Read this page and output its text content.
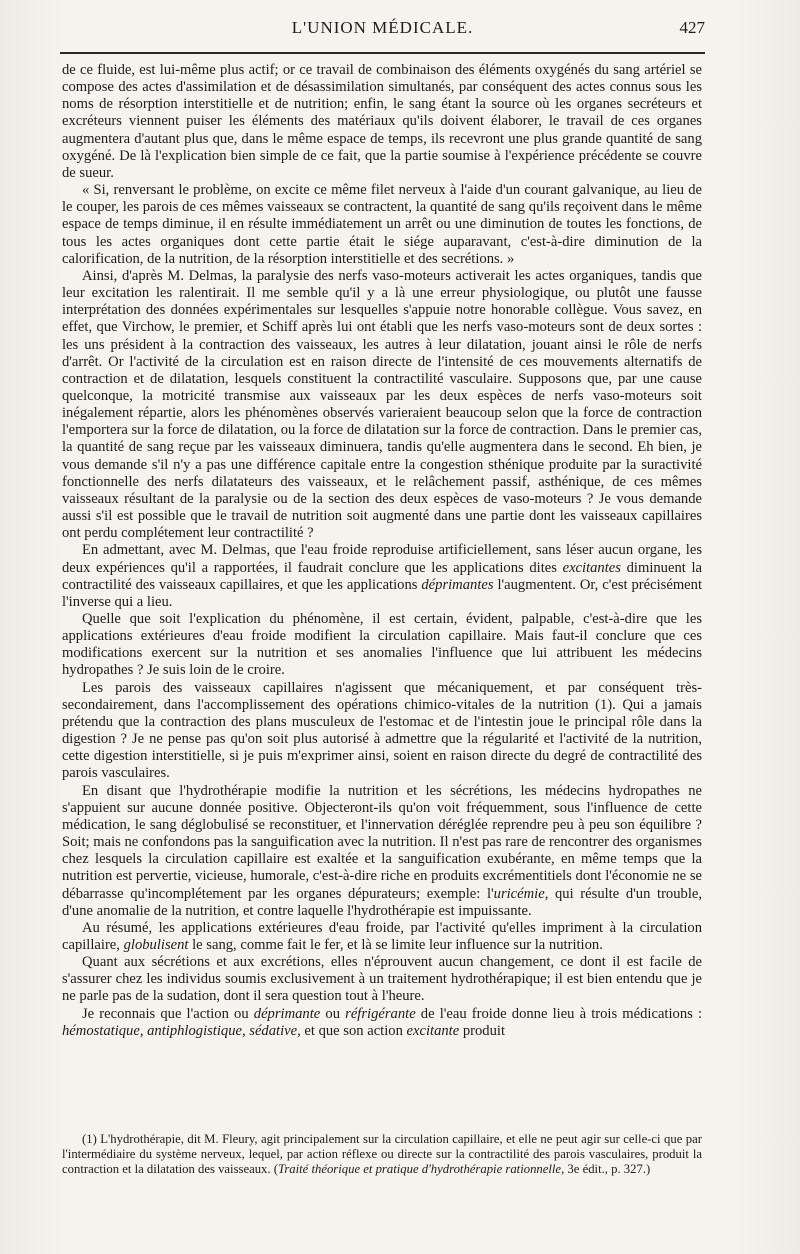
L'UNION MÉDICALE.	427

de ce fluide, est lui-même plus actif; or ce travail de combinaison des éléments oxygénés du sang artériel se compose des actes d'assimilation et de désassimilation simultanés, par conséquent des actes connus sous les noms de résorption interstitielle et de nutrition; enfin, le sang étant la source où les organes secréteurs et excréteurs viennent puiser les éléments des matériaux qu'ils doivent élaborer, le travail de ces organes augmentera d'autant plus que, dans le même espace de temps, ils recevront une plus grande quantité de sang oxygéné. De là l'explication bien simple de ce fait, que la partie soumise à l'expérience précédente se couvre de sueur.

« Si, renversant le problème, on excite ce même filet nerveux à l'aide d'un courant galvanique, au lieu de le couper, les parois de ces mêmes vaisseaux se contractent, la quantité de sang qu'ils reçoivent dans le même espace de temps diminue, il en résulte immédiatement un arrêt ou une diminution de toutes les fonctions, de tous les actes organiques dont cette partie était le siége auparavant, c'est-à-dire diminution de la calorification, de la nutrition, de la résorption interstitielle et des secrétions. »

Ainsi, d'après M. Delmas, la paralysie des nerfs vaso-moteurs activerait les actes organiques, tandis que leur excitation les ralentirait. Il me semble qu'il y a là une erreur physiologique, ou plutôt une fausse interprétation des données expérimentales sur lesquelles s'appuie notre honorable collègue. Vous savez, en effet, que Virchow, le premier, et Schiff après lui ont établi que les nerfs vaso-moteurs sont de deux sortes : les uns président à la contraction des vaisseaux, les autres à leur dilatation, jouant ainsi le rôle de nerfs d'arrêt. Or l'activité de la circulation est en raison directe de l'intensité de ces mouvements alternatifs de contraction et de dilatation, lesquels constituent la contractilité vasculaire. Supposons que, par une cause quelconque, la motricité transmise aux vaisseaux par les deux espèces de nerfs vaso-moteurs soit inégalement répartie, alors les phénomènes observés varieraient beaucoup selon que la force de contraction l'emportera sur la force de dilatation, ou la force de dilatation sur la force de contraction. Dans le premier cas, la quantité de sang reçue par les vaisseaux diminuera, tandis qu'elle augmentera dans le second. Eh bien, je vous demande s'il n'y a pas une différence capitale entre la congestion sthénique produite par la suractivité fonctionnelle des nerfs dilatateurs des vaisseaux, et le relâchement passif, asthénique, de ces mêmes vaisseaux résultant de la paralysie ou de la section des deux espèces de vaso-moteurs ? Je vous demande aussi s'il est possible que le travail de nutrition soit augmenté dans une partie dont les vaisseaux capillaires ont perdu complétement leur contractilité ?

En admettant, avec M. Delmas, que l'eau froide reproduise artificiellement, sans léser aucun organe, les deux expériences qu'il a rapportées, il faudrait conclure que les applications dites excitantes diminuent la contractilité des vaisseaux capillaires, et que les applications déprimantes l'augmentent. Or, c'est précisément l'inverse qui a lieu.

Quelle que soit l'explication du phénomène, il est certain, évident, palpable, c'est-à-dire que les applications extérieures d'eau froide modifient la circulation capillaire. Mais faut-il conclure que ces modifications exercent sur la nutrition et ses anomalies l'influence que lui attribuent les médecins hydropathes ? Je suis loin de le croire.

Les parois des vaisseaux capillaires n'agissent que mécaniquement, et par conséquent très-secondairement, dans l'accomplissement des opérations chimico-vitales de la nutrition (1). Qui a jamais prétendu que la contraction des plans musculeux de l'estomac et de l'intestin joue le principal rôle dans la digestion ? Je ne pense pas qu'on soit plus autorisé à admettre que la régularité et l'activité de la nutrition, cette digestion interstitielle, si je puis m'exprimer ainsi, soient en raison directe du degré de contractilité des parois vasculaires.

En disant que l'hydrothérapie modifie la nutrition et les sécrétions, les médecins hydropathes ne s'appuient sur aucune donnée positive. Objecteront-ils qu'on voit fréquemment, sous l'influence de cette médication, le sang déglobulisé se reconstituer, et l'innervation déréglée reprendre peu à peu son équilibre ? Soit; mais ne confondons pas la sanguification avec la nutrition. Il n'est pas rare de rencontrer des organismes chez lesquels la circulation capillaire est exaltée et la sanguification exubérante, en même temps que la nutrition est pervertie, vicieuse, humorale, c'est-à-dire riche en produits excrémentitiels dont l'économie ne se débarrasse qu'incomplétement par les organes dépurateurs; exemple: l'uricémie, qui résulte d'un trouble, d'une anomalie de la nutrition, et contre laquelle l'hydrothérapie est impuissante.

Au résumé, les applications extérieures d'eau froide, par l'activité qu'elles impriment à la circulation capillaire, globulisent le sang, comme fait le fer, et là se limite leur influence sur la nutrition.

Quant aux sécrétions et aux excrétions, elles n'éprouvent aucun changement, ce dont il est facile de s'assurer chez les individus soumis exclusivement à un traitement hydrothérapique; il est bien entendu que je ne parle pas de la sudation, dont il sera question tout à l'heure.

Je reconnais que l'action ou déprimante ou réfrigérante de l'eau froide donne lieu à trois médications : hémostatique, antiphlogistique, sédative, et que son action excitante produit

(1) L'hydrothérapie, dit M. Fleury, agit principalement sur la circulation capillaire, et elle ne peut agir sur celle-ci que par l'intermédiaire du système nerveux, lequel, par action réflexe ou directe sur la contractilité des parois vasculaires, produit la contraction et la dilatation des vaisseaux. (Traité théorique et pratique d'hydrothérapie rationnelle, 3e édit., p. 327.)
